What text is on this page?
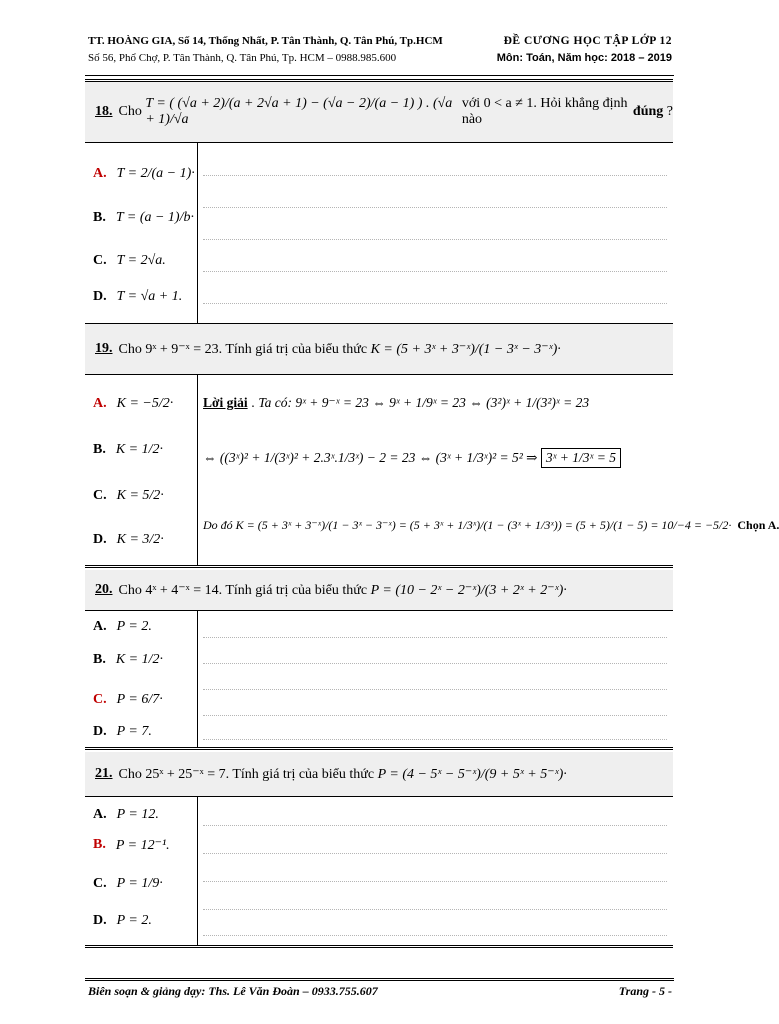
TT. HOÀNG GIA, Số 14, Thống Nhất, P. Tân Thành, Q. Tân Phú, Tp.HCM
Số 56, Phổ Chợ, P. Tân Thành, Q. Tân Phú, Tp. HCM – 0988.985.600
ĐỀ CƯƠNG HỌC TẬP LỚP 12
Môn: Toán, Năm học: 2018 – 2019
18. Cho

T = ( (√a + 2)/(a + 2√a + 1) − (√a − 2)/(a − 1) ) . (√a + 1)/√a

với 0 < a ≠ 1. Hỏi khẳng định nào

đúng
?
A. T = 2/(a − 1)·
B. T = (a − 1)/b·
C. T = 2√a.
D. T = √a + 1.
19. Cho 9ˣ + 9⁻ˣ = 23. Tính giá trị của biểu thức
K = (5 + 3ˣ + 3⁻ˣ)/(1 − 3ˣ − 3⁻ˣ)·
A. K = −5/2·
B. K = 1/2·
C. K = 5/2·
D. K = 3/2·
Lời giải . Ta có: 9ˣ + 9⁻ˣ = 23 ⇔ 9ˣ + 1/9ˣ = 23 ⇔ (3²)ˣ + 1/(3²)ˣ = 23
⇔ ((3ˣ)² + 1/(3ˣ)² + 2.3ˣ.1/3ˣ) − 2 = 23 ⇔ (3ˣ + 1/3ˣ)² = 5² ⇒
3ˣ + 1/3ˣ = 5
Do đó K = (5 + 3ˣ + 3⁻ˣ)/(1 − 3ˣ − 3⁻ˣ) = (5 + 3ˣ + 1/3ˣ)/(1 − (3ˣ + 1/3ˣ)) = (5 + 5)/(1 − 5) = 10/−4 = −5/2· Chọn A.
20. Cho 4ˣ + 4⁻ˣ = 14. Tính giá trị của biểu thức
P = (10 − 2ˣ − 2⁻ˣ)/(3 + 2ˣ + 2⁻ˣ)·
A. P = 2.
B. K = 1/2·
C. P = 6/7·
D. P = 7.
21. Cho 25ˣ + 25⁻ˣ = 7. Tính giá trị của biểu thức
P = (4 − 5ˣ − 5⁻ˣ)/(9 + 5ˣ + 5⁻ˣ)·
A. P = 12.
B. P = 12⁻¹.
C. P = 1/9·
D. P = 2.
Biên soạn & giảng dạy: Ths. Lê Văn Đoàn – 0933.755.607	Trang - 5 -
